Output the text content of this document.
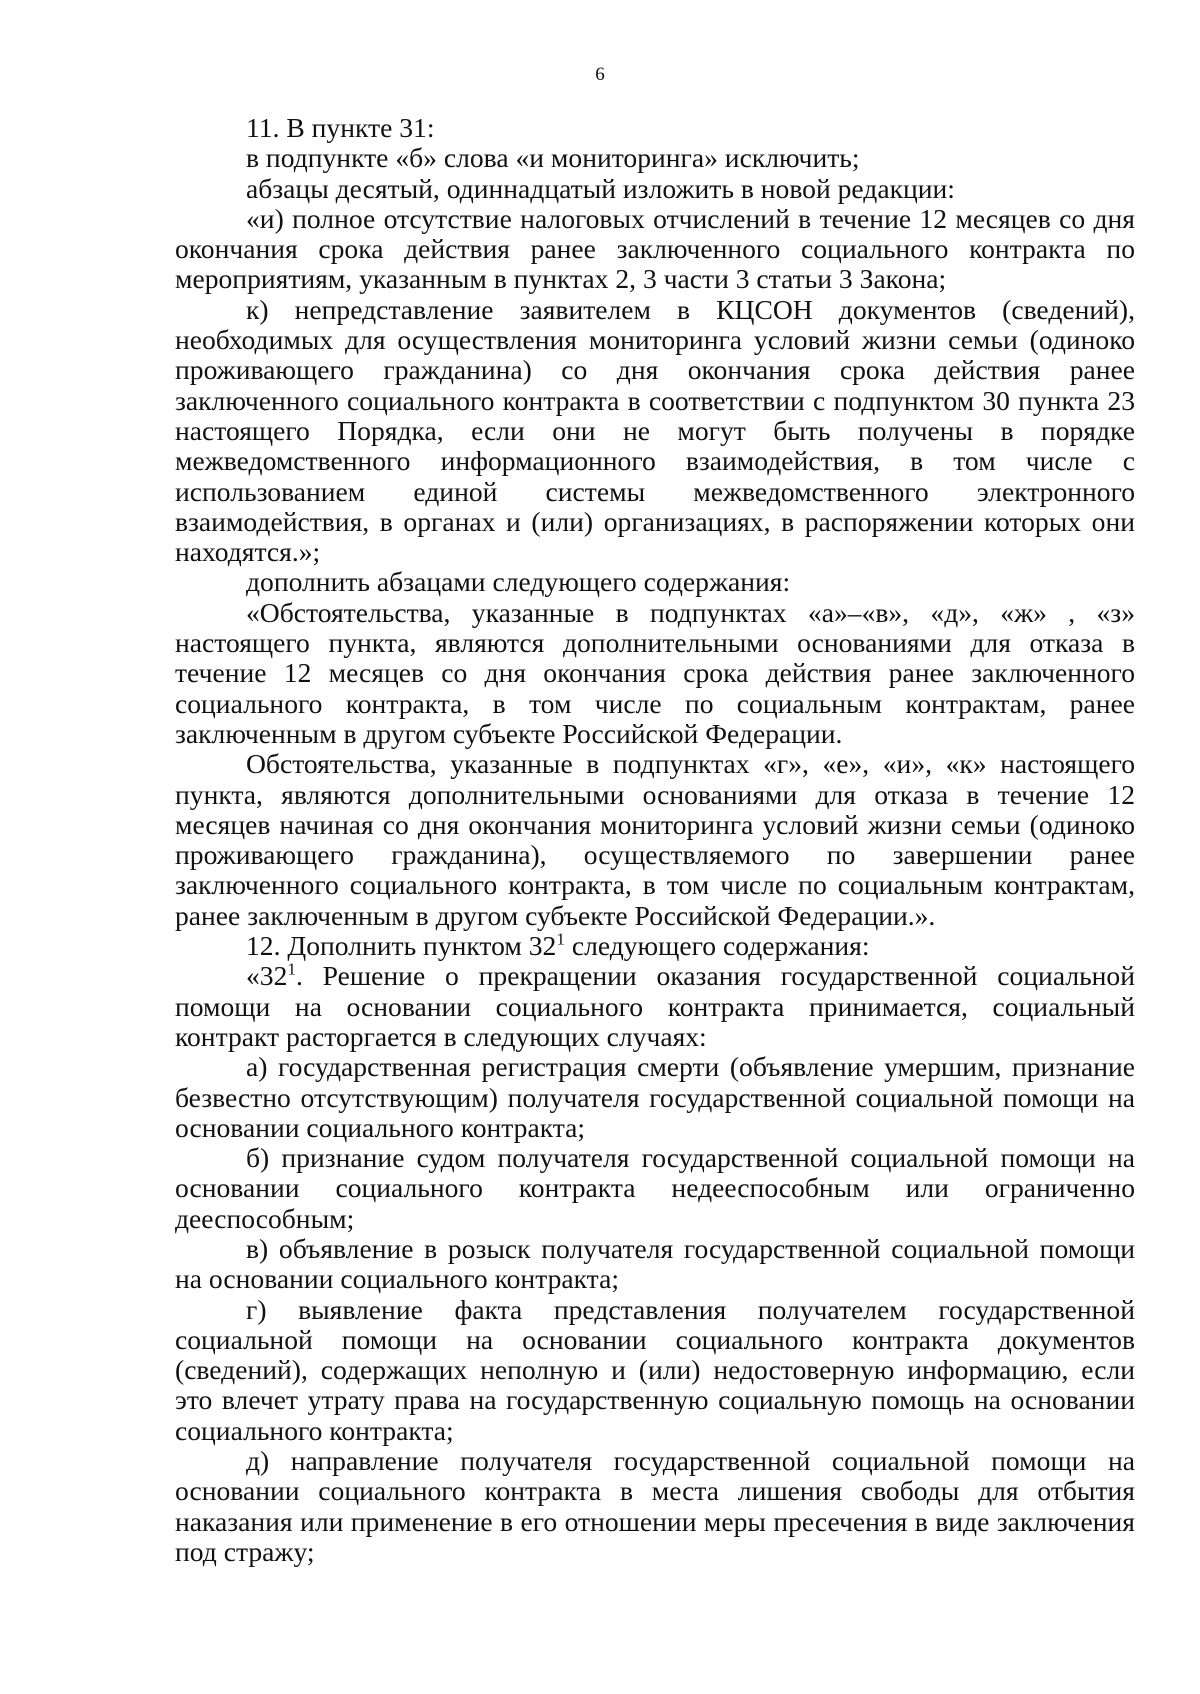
6

11. В пункте 31:

в подпункте «б» слова «и мониторинга» исключить;

абзацы десятый, одиннадцатый изложить в новой редакции:

«и) полное отсутствие налоговых отчислений в течение 12 месяцев со дня окончания срока действия ранее заключенного социального контракта по мероприятиям, указанным в пунктах 2, 3 части 3 статьи 3 Закона;

к) непредставление заявителем в КЦСОН документов (сведений), необходимых для осуществления мониторинга условий жизни семьи (одиноко проживающего гражданина) со дня окончания срока действия ранее заключенного социального контракта в соответствии с подпунктом 30 пункта 23 настоящего Порядка, если они не могут быть получены в порядке межведомственного информационного взаимодействия, в том числе с использованием единой системы межведомственного электронного взаимодействия, в органах и (или) организациях, в распоряжении которых они находятся.»;

дополнить абзацами следующего содержания:

«Обстоятельства, указанные в подпунктах «а»–«в», «д», «ж» , «з» настоящего пункта, являются дополнительными основаниями для отказа в течение 12 месяцев со дня окончания срока действия ранее заключенного социального контракта, в том числе по социальным контрактам, ранее заключенным в другом субъекте Российской Федерации.

Обстоятельства, указанные в подпунктах «г», «е», «и», «к» настоящего пункта, являются дополнительными основаниями для отказа в течение 12 месяцев начиная со дня окончания мониторинга условий жизни семьи (одиноко проживающего гражданина), осуществляемого по завершении ранее заключенного социального контракта, в том числе по социальным контрактам, ранее заключенным в другом субъекте Российской Федерации.».

12. Дополнить пунктом $32^1$ следующего содержания:

«$32^1$. Решение о прекращении оказания государственной социальной помощи на основании социального контракта принимается, социальный контракт расторгается в следующих случаях:

а) государственная регистрация смерти (объявление умершим, признание безвестно отсутствующим) получателя государственной социальной помощи на основании социального контракта;

б) признание судом получателя государственной социальной помощи на основании социального контракта недееспособным или ограниченно дееспособным;

в) объявление в розыск получателя государственной социальной помощи на основании социального контракта;

г) выявление факта представления получателем государственной социальной помощи на основании социального контракта документов (сведений), содержащих неполную и (или) недостоверную информацию, если это влечет утрату права на государственную социальную помощь на основании социального контракта;

д) направление получателя государственной социальной помощи на основании социального контракта в места лишения свободы для отбытия наказания или применение в его отношении меры пресечения в виде заключения под стражу;
